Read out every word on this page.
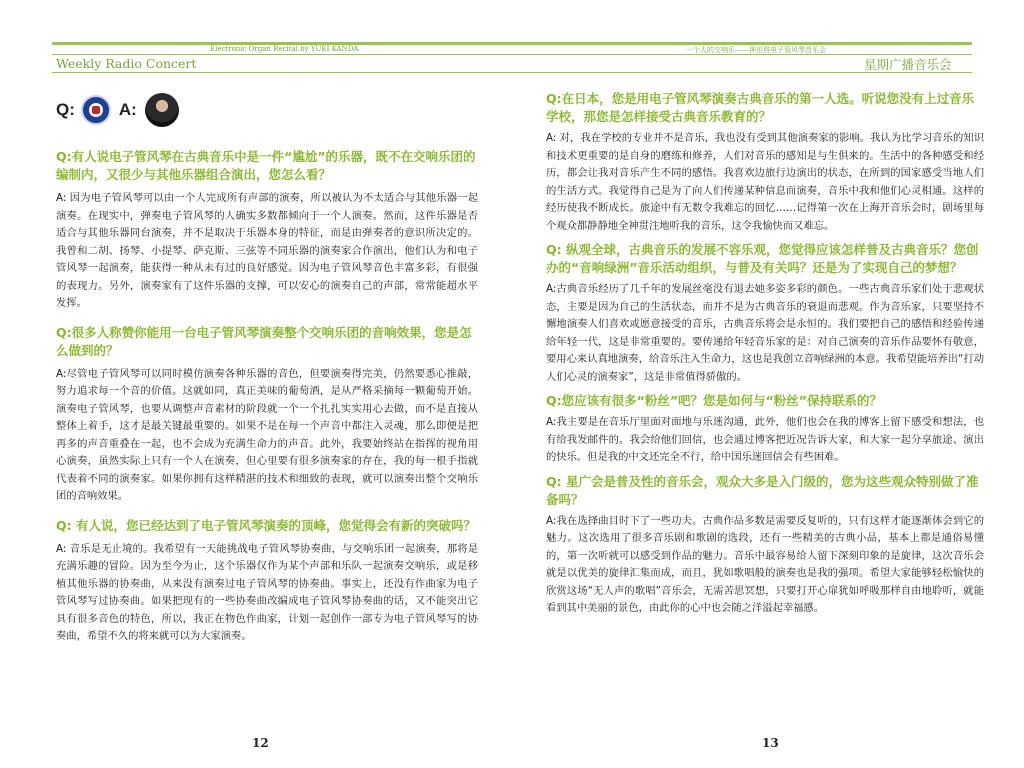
Electronic Organ Recital by YUKI KANDA
Weekly Radio Concert
Q:	A:
Q:有人说电子管风琴在古典音乐中是一件“尴尬”的乐器，既不在交响乐团的编制内，又很少与其他乐器组合演出，您怎么看？
A: 因为电子管风琴可以由一个人完成所有声部的演奏，所以被认为不太适合与其他乐器一起演奏。在现实中，弹奏电子管风琴的人确实多数都倾向于一个人演奏。然而，这件乐器是否适合与其他乐器同台演奏，并不是取决于乐器本身的特征，而是由弹奏者的意识所决定的。我曾和二胡、扬琴、小提琴、萨克斯、三弦等不同乐器的演奏家合作演出，他们认为和电子管风琴一起演奏，能获得一种从未有过的良好感觉。因为电子管风琴音色丰富多彩，有很强的表现力。另外，演奏家有了这件乐器的支撑，可以安心的演奏自己的声部，常常能超水平发挥。
Q:很多人称赞你能用一台电子管风琴演奏整个交响乐团的音响效果，您是怎么做到的？
A:尽管电子管风琴可以同时模仿演奏各种乐器的音色，但要演奏得完美，仍然要悉心推敲，努力追求每一个音的价值。这就如同，真正美味的葡萄酒，是从严格采摘每一颗葡萄开始。演奏电子管风琴，也要从调整声音素材的阶段就一个一个扎扎实实用心去做，而不是直接从整体上着手，这才是最关键最重要的。如果不是在每一个声音中都注入灵魂，那么即便是把再多的声音重叠在一起，也不会成为充满生命力的声音。此外，我要始终站在指挥的视角用心演奏，虽然实际上只有一个人在演奏，但心里要有很多演奏家的存在，我的每一根手指就代表着不同的演奏家。如果你拥有这样精湛的技术和细致的表现，就可以演奏出整个交响乐团的音响效果。
Q: 有人说，您已经达到了电子管风琴演奏的顶峰，您觉得会有新的突破吗？
A: 音乐是无止境的。我希望有一天能挑战电子管风琴协奏曲，与交响乐团一起演奏，那将是充满乐趣的冒险。因为至今为止，这个乐器仅作为某个声部和乐队一起演奏交响乐，或是移植其他乐器的协奏曲，从来没有演奏过电子管风琴的协奏曲。事实上，还没有作曲家为电子管风琴写过协奏曲。如果把现有的一些协奏曲改编成电子管风琴协奏曲的话，又不能突出它具有很多音色的特色，所以，我正在物色作曲家，计划一起创作一部专为电子管风琴写的协奏曲，希望不久的将来就可以为大家演奏。
12
一个人的交响乐——神田将电子管风琴音乐会
星期广播音乐会
Q:在日本，您是用电子管风琴演奏古典音乐的第一人选。听说您没有上过音乐学校，那您是怎样接受古典音乐教育的？
A: 对，我在学校的专业并不是音乐，我也没有受到其他演奏家的影响。我认为比学习音乐的知识和技术更重要的是自身的磨练和修养，人们对音乐的感知是与生俱来的。生活中的各种感受和经历，都会让我对音乐产生不同的感悟。我喜欢边旅行边演出的状态，在所到的国家感受当地人们的生活方式。我觉得自己是为了向人们传递某种信息而演奏，音乐中我和他们心灵相通。这样的经历使我不断成长。旅途中有无数令我难忘的回忆……记得第一次在上海开音乐会时，剧场里每个观众都静静地全神贯注地听我的音乐，这令我愉快而又难忘。
Q: 纵观全球，古典音乐的发展不容乐观，您觉得应该怎样普及古典音乐？您创办的“音响绿洲”音乐活动组织，与普及有关吗？还是为了实现自己的梦想？
A:古典音乐经历了几千年的发展丝毫没有退去她多姿多彩的颜色。一些古典音乐家们处于悲观状态，主要是因为自己的生活状态，而并不是为古典音乐的衰退而悲观。作为音乐家，只要坚持不懈地演奏人们喜欢或愿意接受的音乐，古典音乐将会是永恒的。我们要把自己的感悟和经验传递给年轻一代，这是非常重要的。要传递给年轻音乐家的是：对自己演奏的音乐作品要怀有敬意，要用心来认真地演奏，给音乐注入生命力，这也是我创立音响绿洲的本意。我希望能培养出“打动人们心灵的演奏家”，这是非常值得骄傲的。
Q:您应该有很多“粉丝”吧？您是如何与“粉丝”保持联系的？
A:我主要是在音乐厅里面对面地与乐迷沟通，此外，他们也会在我的博客上留下感受和想法，也有给我发邮件的。我会给他们回信，也会通过博客把近况告诉大家，和大家一起分享旅途、演出的快乐。但是我的中文还完全不行，给中国乐迷回信会有些困难。
Q: 星广会是普及性的音乐会，观众大多是入门级的，您为这些观众特别做了准备吗？
A:我在选择曲目时下了一些功夫。古典作品多数是需要反复听的，只有这样才能逐渐体会到它的魅力。这次选用了很多音乐剧和歌剧的选段，还有一些精美的古典小品，基本上都是通俗易懂的，第一次听就可以感受到作品的魅力。音乐中最容易给人留下深刻印象的是旋律，这次音乐会就是以优美的旋律汇集而成，而且，犹如歌唱般的演奏也是我的强项。希望大家能够轻松愉快的欣赏这场“无人声的歌唱”音乐会，无需苦思冥想，只要打开心扉犹如呼吸那样自由地聆听，就能看到其中美丽的景色，由此你的心中也会随之洋溢起幸福感。
13
